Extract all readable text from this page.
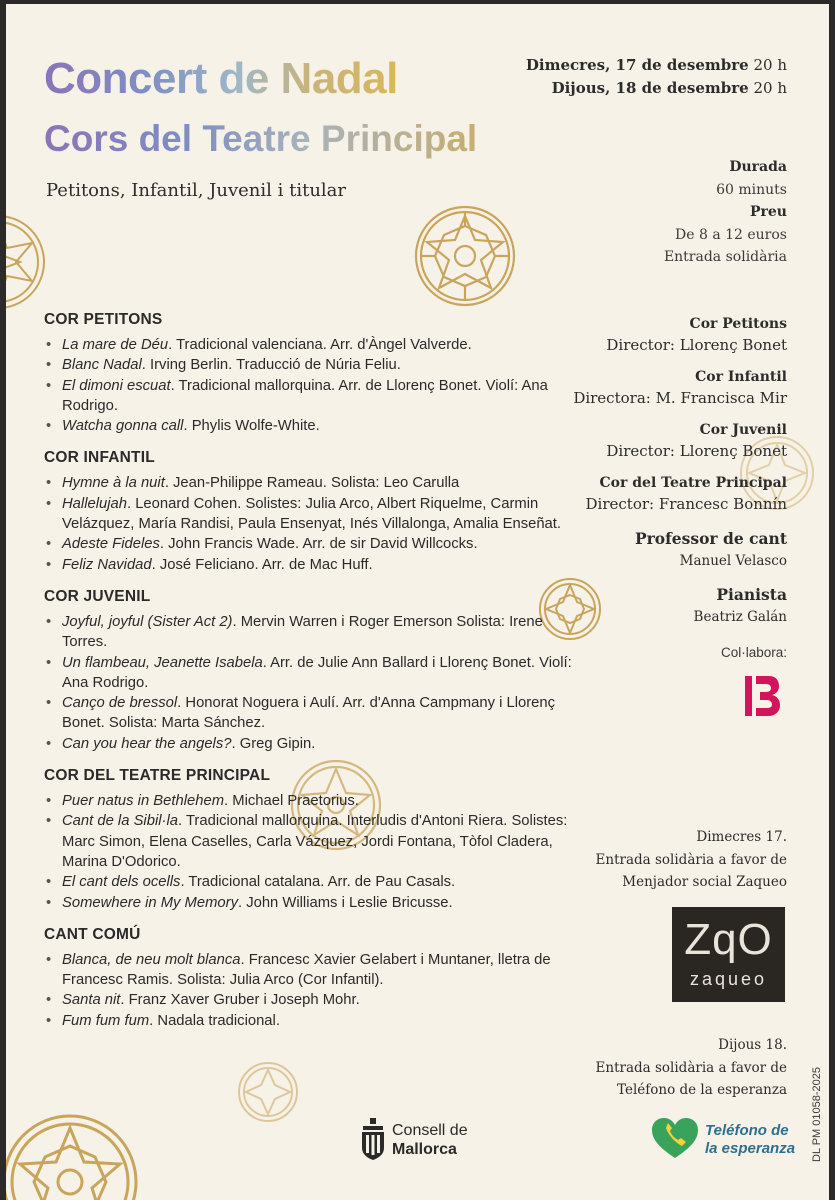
Concert de Nadal
Cors del Teatre Principal
Petitons, Infantil, Juvenil i titular
Dimecres, 17 de desembre 20 h
Dijous, 18 de desembre 20 h
Durada
60 minuts
Preu
De 8 a 12 euros
Entrada solidària
COR PETITONS
• La mare de Déu. Tradicional valenciana. Arr. d'Àngel Valverde.
• Blanc Nadal. Irving Berlin. Traducció de Núria Feliu.
• El dimoni escuat. Tradicional mallorquina. Arr. de Llorenç Bonet. Violí: Ana Rodrigo.
• Watcha gonna call. Phylis Wolfe-White.
COR INFANTIL
• Hymne à la nuit. Jean-Philippe Rameau. Solista: Leo Carulla
• Hallelujah. Leonard Cohen. Solistes: Julia Arco, Albert Riquelme, Carmin Velázquez, María Randisi, Paula Ensenyat, Inés Villalonga, Amalia Enseñat.
• Adeste Fideles. John Francis Wade. Arr. de sir David Willcocks.
• Feliz Navidad. José Feliciano. Arr. de Mac Huff.
COR JUVENIL
• Joyful, joyful (Sister Act 2). Mervin Warren i Roger Emerson Solista: Irene Torres.
• Un flambeau, Jeanette Isabela. Arr. de Julie Ann Ballard i Llorenç Bonet. Violí: Ana Rodrigo.
• Canço de bressol. Honorat Noguera i Aulí. Arr. d'Anna Campmany i Llorenç Bonet. Solista: Marta Sánchez.
• Can you hear the angels?. Greg Gipin.
COR DEL TEATRE PRINCIPAL
• Puer natus in Bethlehem. Michael Praetorius.
• Cant de la Sibil·la. Tradicional mallorquina. Interludis d'Antoni Riera. Solistes: Marc Simon, Elena Caselles, Carla Vázquez, Jordi Fontana, Tòfol Cladera, Marina D'Odorico.
• El cant dels ocells. Tradicional catalana. Arr. de Pau Casals.
• Somewhere in My Memory. John Williams i Leslie Bricusse.
CANT COMÚ
• Blanca, de neu molt blanca. Francesc Xavier Gelabert i Muntaner, lletra de Francesc Ramis. Solista: Julia Arco (Cor Infantil).
• Santa nit. Franz Xaver Gruber i Joseph Mohr.
• Fum fum fum. Nadala tradicional.
Cor Petitons
Director: Llorenç Bonet
Cor Infantil
Directora: M. Francisca Mir
Cor Juvenil
Director: Llorenç Bonet
Cor del Teatre Principal
Director: Francesc Bonnín
Professor de cant
Manuel Velasco
Pianista
Beatriz Galán
Col·labora:
Dimecres 17.
Entrada solidària a favor de
Menjador social Zaqueo
ZqO
zaqueo
Dijous 18.
Entrada solidària a favor de
Teléfono de la esperanza DL PM 01058-2025
Consell de
Mallorca
Teléfono de
la esperanza
